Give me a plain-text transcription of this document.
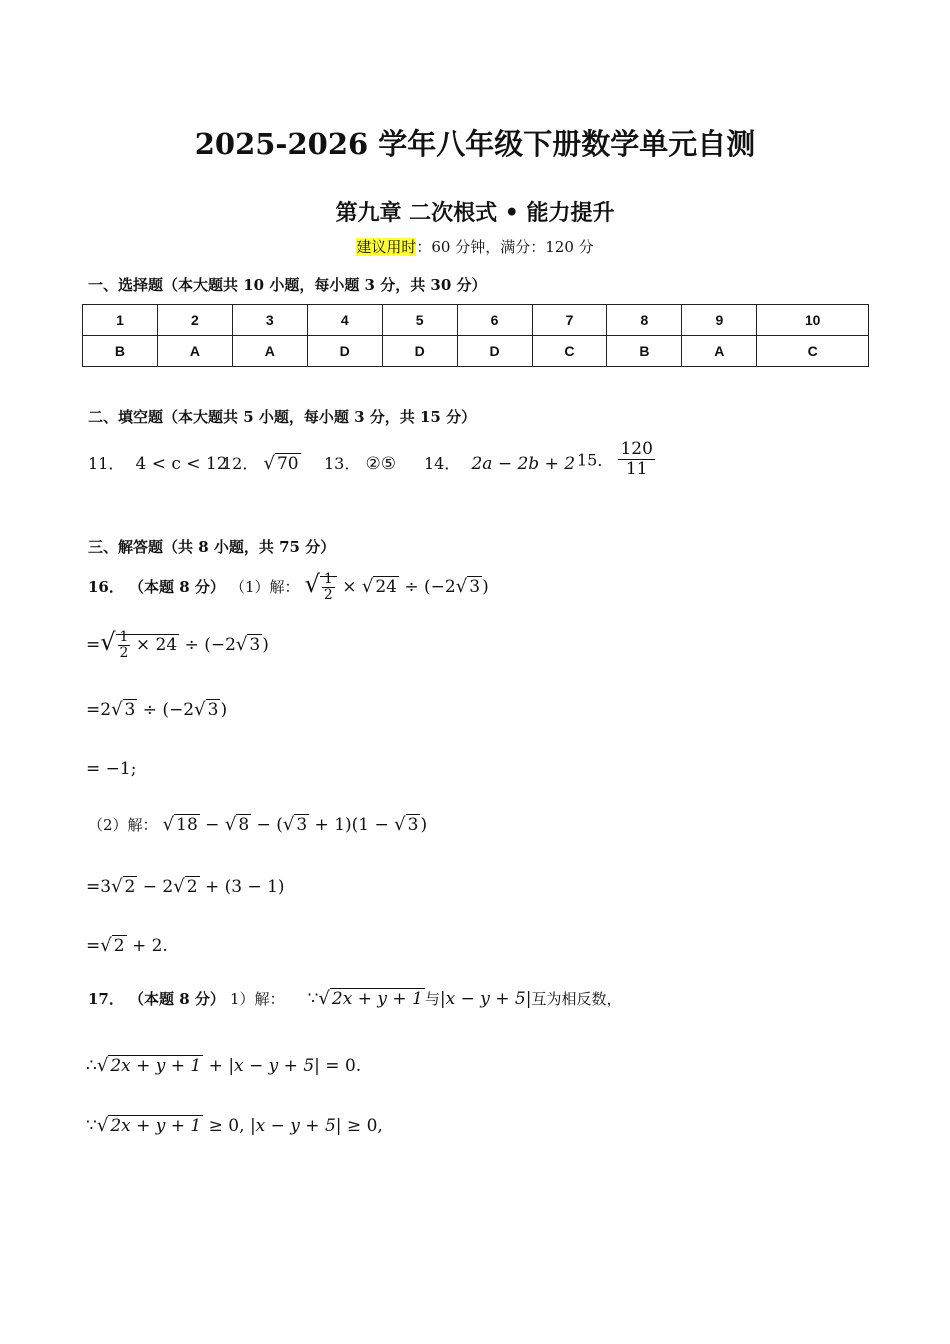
2025-2026 学年八年级下册数学单元自测
第九章 二次根式 • 能力提升
建议用时：60 分钟，满分：120 分
一、选择题（本大题共 10 小题，每小题 3 分，共 30 分）
1	2	3	4	5	6	7	8	9	10
B	A	A	D	D	D	C	B	A	C
二、填空题（本大题共 5 小题，每小题 3 分，共 15 分）
11． 4 < c < 12
12． √ 70 13． ②⑤ 14． 2a − 2b + 2 15． $\frac{120}{11}$
三、解答题（共 8 小题，共 75 分）
16． （本题 8 分） （1）解： √ $\frac{1}{2}$ × √ 24 ÷ (−2√ 3 )
=√ $\frac{1}{2} \times 24 \div (-2√$ 3 )
=2√ 3 ÷ (−2√ 3 )
= −1;
（2）解： √ 18 − √ 8 − (√ 3 + 1)(1 − √ 3 )
=3√ 2 − 2√ 2 + (3 − 1)
=√ 2 + 2.
17． （本题 8 分） 1）解： ∵√ 2x + y + 1 与|x − y + 5|互为相反数，
∴√ 2x + y + 1 + |x − y + 5| = 0.
∵√ 2x + y + 1 ≥ 0, |x − y + 5| ≥ 0,
